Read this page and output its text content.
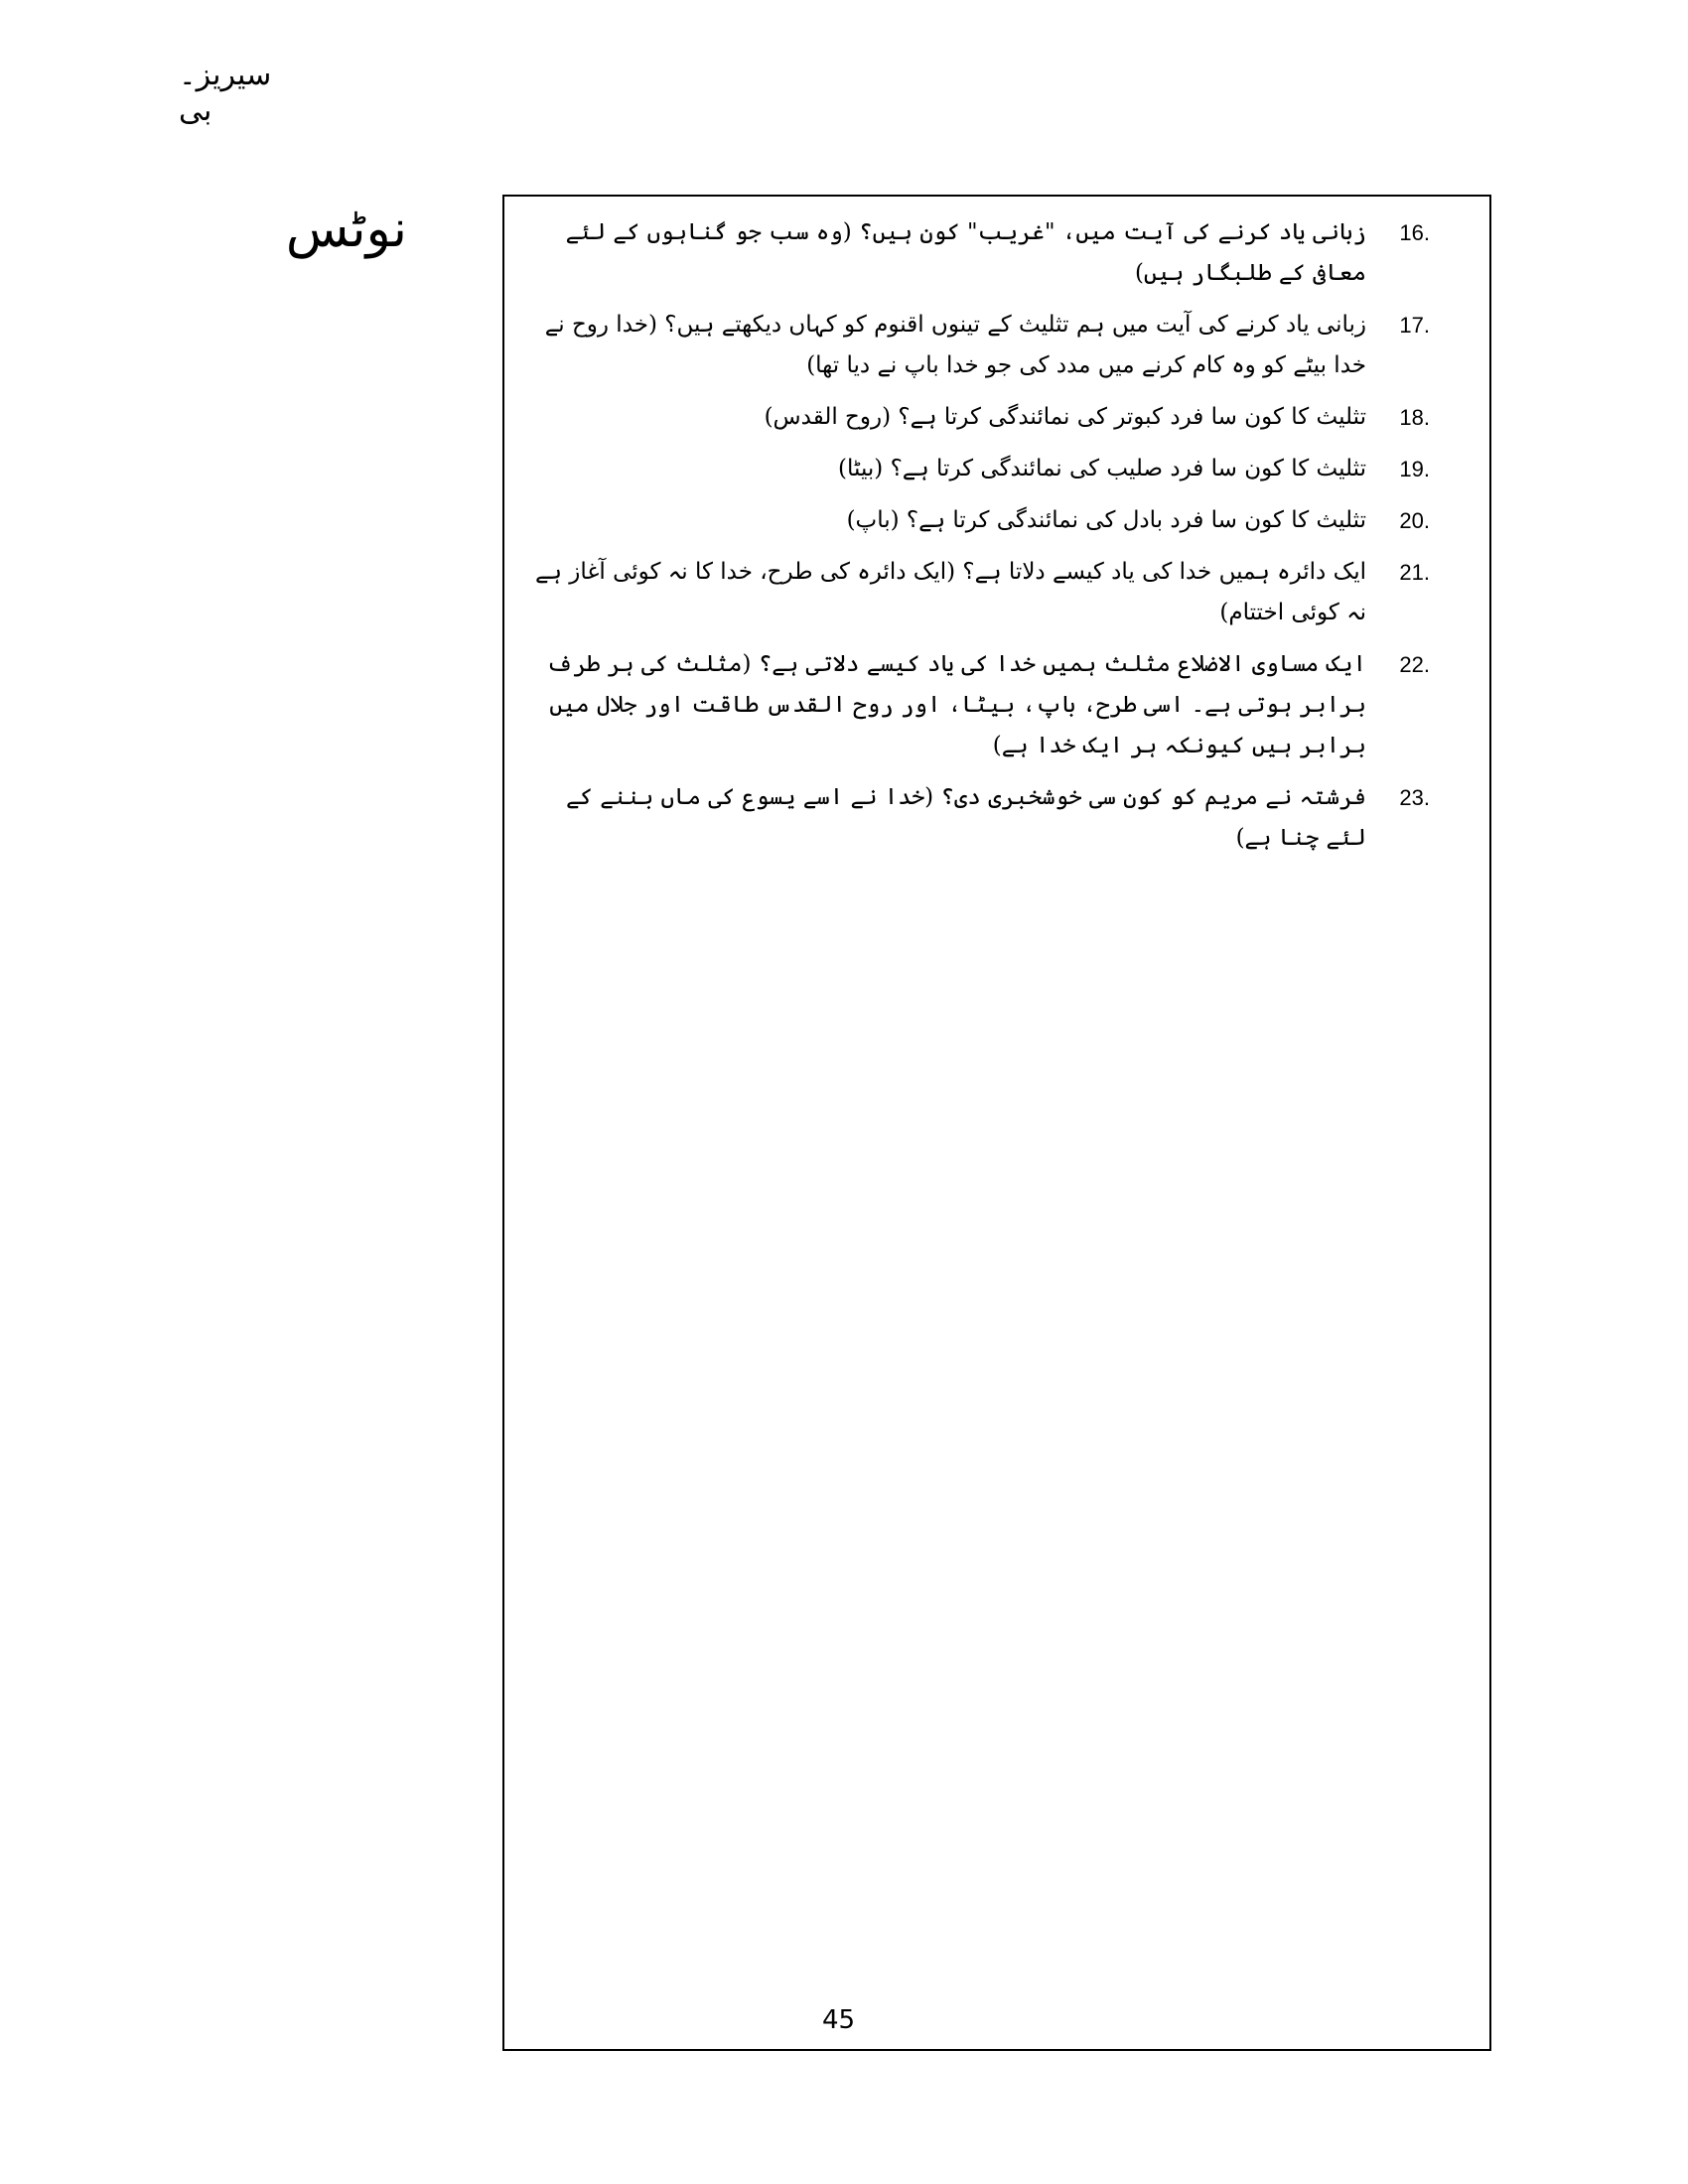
سیریز۔بی
نوٹس	16.
زبانی یاد کرنے کی آیت میں، "غریب" کون ہیں؟ (وہ سب جو گناہوں کے لئے معافی کے طلبگار ہیں)
17.
زبانی یاد کرنے کی آیت میں ہم تثلیث کے تینوں اقنوم کو کہاں دیکھتے ہیں؟ (خدا روح نے خدا بیٹے کو وہ کام کرنے میں مدد کی جو خدا باپ نے دیا تھا)
18.
تثلیث کا کون سا فرد کبوتر کی نمائندگی کرتا ہے؟ (روح القدس)
19.
تثلیث کا کون سا فرد صلیب کی نمائندگی کرتا ہے؟ (بیٹا)
20.
تثلیث کا کون سا فرد بادل کی نمائندگی کرتا ہے؟ (باپ)
21.
ایک دائرہ ہمیں خدا کی یاد کیسے دلاتا ہے؟ (ایک دائرہ کی طرح، خدا کا نہ کوئی آغاز ہے نہ کوئی اختتام)
22.
ایک مساوی الاضلاع مثلث ہمیں خدا کی یاد کیسے دلاتی ہے؟ (مثلث کی ہر طرف برابر ہوتی ہے۔ اسی طرح، باپ، بیٹا، اور روح القدس طاقت اور جلال میں برابر ہیں کیونکہ ہر ایک خدا ہے)
23.
فرشتہ نے مریم کو کون سی خوشخبری دی؟ (خدا نے اسے یسوع کی ماں بننے کے لئے چنا ہے)
45
